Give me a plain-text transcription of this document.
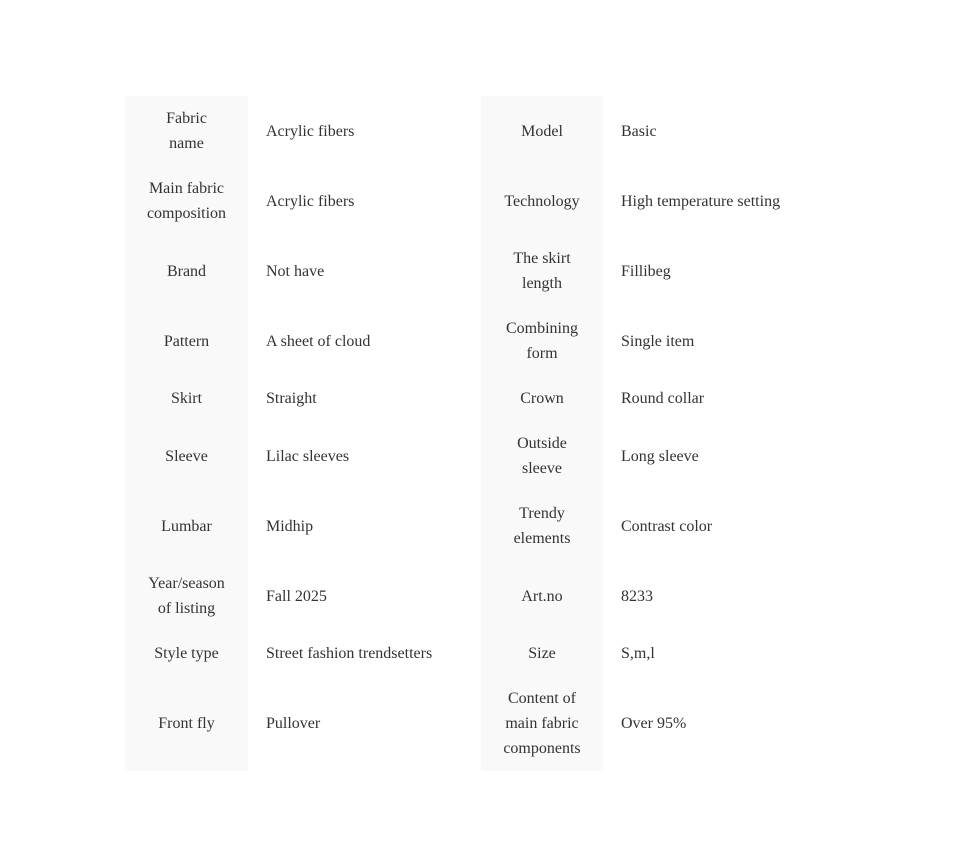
Fabric name	Acrylic fibers	Model	Basic
Main fabric composition	Acrylic fibers	Technology	High temperature setting
Brand	Not have	The skirt length	Fillibeg
Pattern	A sheet of cloud	Combining form	Single item
Skirt	Straight	Crown	Round collar
Sleeve	Lilac sleeves	Outside sleeve	Long sleeve
Lumbar	Midhip	Trendy elements	Contrast color
Year/season of listing	Fall 2025	Art.no	8233
Style type	Street fashion trendsetters	Size	S,m,l
Front fly	Pullover	Content of main fabric components	Over 95%
